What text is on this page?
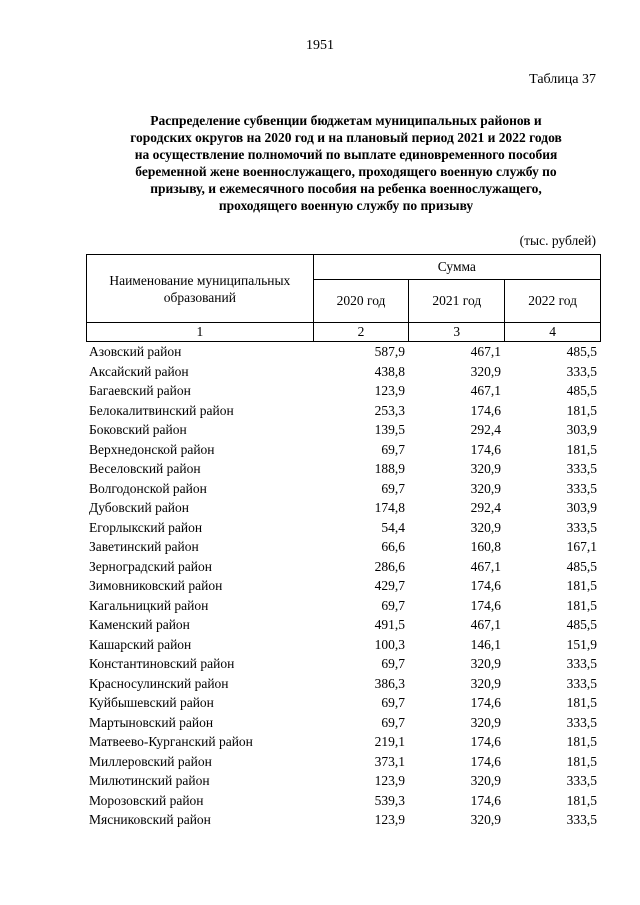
1951
Таблица 37
Распределение субвенции бюджетам муниципальных районов и
городских округов на 2020 год и на плановый период 2021 и 2022 годов
на осуществление полномочий по выплате единовременного пособия
беременной жене военнослужащего, проходящего военную службу по
призыву, и ежемесячного пособия на ребенка военнослужащего,
проходящего военную службу по призыву
(тыс. рублей)
Наименование муниципальных образований	Сумма		
	2020 год	2021 год	2022 год
1	2	3	4
Азовский район	587,9	467,1	485,5
Аксайский район	438,8	320,9	333,5
Багаевский район	123,9	467,1	485,5
Белокалитвинский район	253,3	174,6	181,5
Боковский район	139,5	292,4	303,9
Верхнедонской район	69,7	174,6	181,5
Веселовский район	188,9	320,9	333,5
Волгодонской район	69,7	320,9	333,5
Дубовский район	174,8	292,4	303,9
Егорлыкский район	54,4	320,9	333,5
Заветинский район	66,6	160,8	167,1
Зерноградский район	286,6	467,1	485,5
Зимовниковский район	429,7	174,6	181,5
Кагальницкий район	69,7	174,6	181,5
Каменский район	491,5	467,1	485,5
Кашарский район	100,3	146,1	151,9
Константиновский район	69,7	320,9	333,5
Красносулинский район	386,3	320,9	333,5
Куйбышевский район	69,7	174,6	181,5
Мартыновский район	69,7	320,9	333,5
Матвеево-Курганский район	219,1	174,6	181,5
Миллеровский район	373,1	174,6	181,5
Милютинский район	123,9	320,9	333,5
Морозовский район	539,3	174,6	181,5
Мясниковский район	123,9	320,9	333,5
